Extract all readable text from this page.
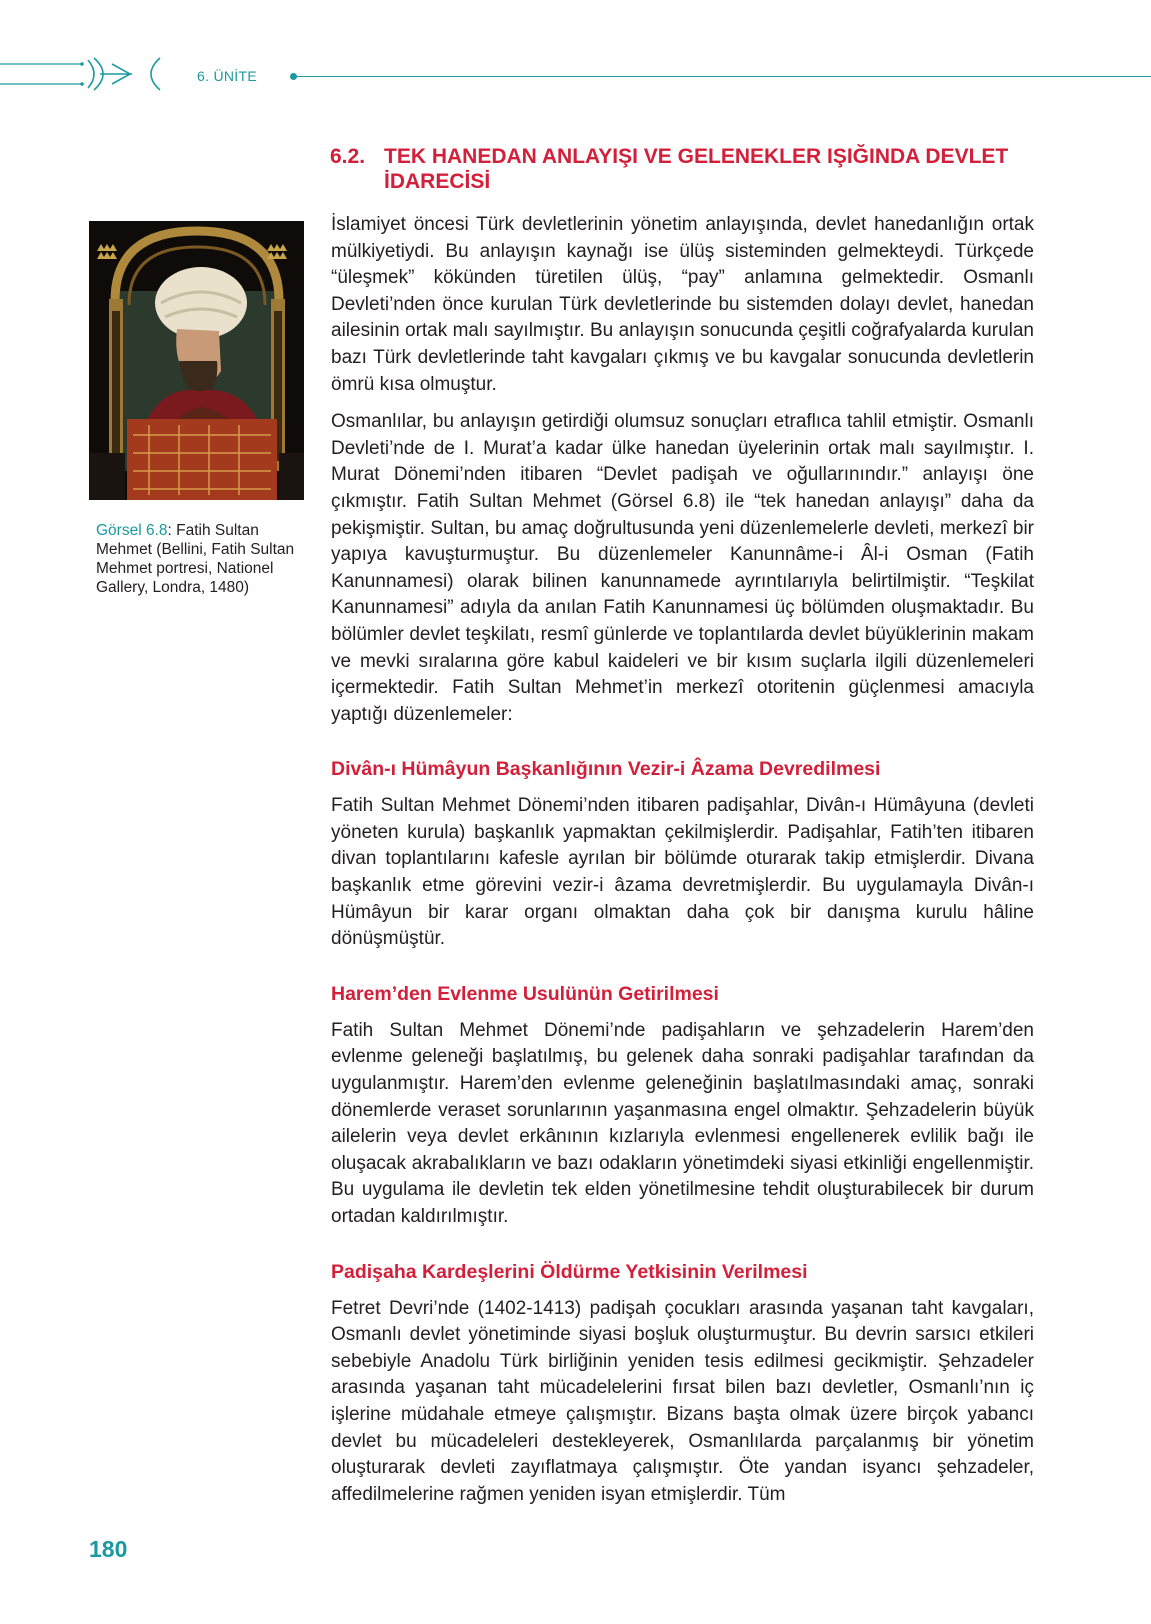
6. ÜNİTE
6.2. TEK HANEDAN ANLAYIŞI VE GELENEKLER IŞIĞINDA DEVLET İDARECİSİ
Görsel 6.8: Fatih Sultan Mehmet (Bellini, Fatih Sultan Mehmet portresi, Nationel Gallery, Londra, 1480)

İslamiyet öncesi Türk devletlerinin yönetim anlayışında, devlet hanedanlığın ortak mülkiyetiydi. Bu anlayışın kaynağı ise ülüş sisteminden gelmekteydi. Türkçede “üleşmek” kökünden türetilen ülüş, “pay” anlamına gelmektedir. Osmanlı Devleti’nden önce kurulan Türk devletlerinde bu sistemden dolayı devlet, hanedan ailesinin ortak malı sayılmıştır. Bu anlayışın sonucunda çeşitli coğrafyalarda kurulan bazı Türk devletlerinde taht kavgaları çıkmış ve bu kavgalar sonucunda devletlerin ömrü kısa olmuştur.

Osmanlılar, bu anlayışın getirdiği olumsuz sonuçları etraflıca tahlil etmiştir. Osmanlı Devleti’nde de I. Murat’a kadar ülke hanedan üyelerinin ortak malı sayılmıştır. I. Murat Dönemi’nden itibaren “Devlet padişah ve oğullarınındır.” anlayışı öne çıkmıştır. Fatih Sultan Mehmet (Görsel 6.8) ile “tek hanedan anlayışı” daha da pekişmiştir. Sultan, bu amaç doğrultusunda yeni düzenlemelerle devleti, merkezî bir yapıya kavuşturmuştur. Bu düzenlemeler Kanunnâme-i Âl-i Osman (Fatih Kanunnamesi) olarak bilinen kanunnamede ayrıntılarıyla belirtilmiştir. “Teşkilat Kanunnamesi” adıyla da anılan Fatih Kanunnamesi üç bölümden oluşmaktadır. Bu bölümler devlet teşkilatı, resmî günlerde ve toplantılarda devlet büyüklerinin makam ve mevki sıralarına göre kabul kaideleri ve bir kısım suçlarla ilgili düzenlemeleri içermektedir. Fatih Sultan Mehmet’in merkezî otoritenin güçlenmesi amacıyla yaptığı düzenlemeler:

Divân-ı Hümâyun Başkanlığının Vezir-i Âzama Devredilmesi

Fatih Sultan Mehmet Dönemi’nden itibaren padişahlar, Divân-ı Hümâyuna (devleti yöneten kurula) başkanlık yapmaktan çekilmişlerdir. Padişahlar, Fatih’ten itibaren divan toplantılarını kafesle ayrılan bir bölümde oturarak takip etmişlerdir. Divana başkanlık etme görevini vezir-i âzama devretmişlerdir. Bu uygulamayla Divân-ı Hümâyun bir karar organı olmaktan daha çok bir danışma kurulu hâline dönüşmüştür.

Harem’den Evlenme Usulünün Getirilmesi

Fatih Sultan Mehmet Dönemi’nde padişahların ve şehzadelerin Harem’den evlenme geleneği başlatılmış, bu gelenek daha sonraki padişahlar tarafından da uygulanmıştır. Harem’den evlenme geleneğinin başlatılmasındaki amaç, sonraki dönemlerde veraset sorunlarının yaşanmasına engel olmaktır. Şehzadelerin büyük ailelerin veya devlet erkânının kızlarıyla evlenmesi engellenerek evlilik bağı ile oluşacak akrabalıkların ve bazı odakların yönetimdeki siyasi etkinliği engellenmiştir. Bu uygulama ile devletin tek elden yönetilmesine tehdit oluşturabilecek bir durum ortadan kaldırılmıştır.

Padişaha Kardeşlerini Öldürme Yetkisinin Verilmesi

Fetret Devri’nde (1402-1413) padişah çocukları arasında yaşanan taht kavgaları, Osmanlı devlet yönetiminde siyasi boşluk oluşturmuştur. Bu devrin sarsıcı etkileri sebebiyle Anadolu Türk birliğinin yeniden tesis edilmesi gecikmiştir. Şehzadeler arasında yaşanan taht mücadelelerini fırsat bilen bazı devletler, Osmanlı’nın iç işlerine müdahale etmeye çalışmıştır. Bizans başta olmak üzere birçok yabancı devlet bu mücadeleleri destekleyerek, Osmanlılarda parçalanmış bir yönetim oluşturarak devleti zayıflatmaya çalışmıştır. Öte yandan isyancı şehzadeler, affedilmelerine rağmen yeniden isyan etmişlerdir. Tüm

180
